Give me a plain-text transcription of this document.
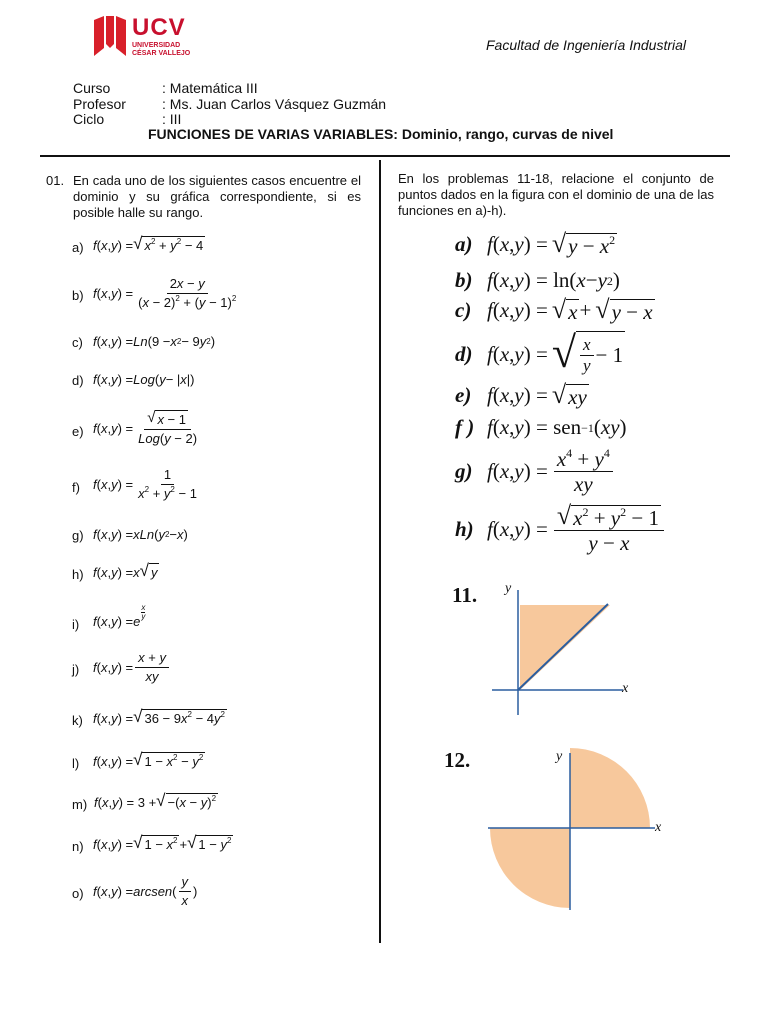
UCV
UNIVERSIDAD
CÉSAR VALLEJO
Facultad de Ingeniería Industrial
Curso	: Matemática III
Profesor	: Ms. Juan Carlos Vásquez Guzmán
Ciclo	: III
FUNCIONES DE VARIAS VARIABLES: Dominio, rango, curvas de nivel
01. En cada uno de los siguientes casos encuentre el dominio y su gráfica correspondiente, si es posible halle su rango.
a) f ( x , y ) = √ $x^2 + y^2 - 4$
b) f ( x , y ) = $\frac{2x - y}{(x - 2)^2 + (y - 1)^2}$
c) f ( x , y ) = Ln (9 − x 2 − 9 y 2 )
d) f ( x , y ) = Log ( y − | x |)
e) f ( x , y ) = $\frac{√ x - 1}{\text{Log(y − 2)}}$
f) f ( x , y ) = $\frac{1}{x^2 + y^2 - 1}$
g) f ( x , y ) = xLn ( y 2 − x )
h) f ( x , y ) = x √ y
i) f ( x , y ) = e
x
y
j) f ( x , y ) = $\frac{x + y}{xy}$
k) f ( x , y ) = √ $36 - 9x^2 - 4y^2$
l) f ( x , y ) = √ $1 - x^2 - y^2$
m) f ( x , y ) = 3 + √ $-(x - y)^2$
n) f ( x , y ) = √ $1 - x^2$ + √ $1 - y^2$
o) f ( x , y ) = arcsen ( $\frac{y}{x}$ )
En los problemas 11-18, relacione el conjunto de puntos dados en la figura con el dominio de una de las funciones en a)-h).
a) f ( x , y ) = √ $y - x^2$
b) f ( x , y ) = ln( x − y 2 )
c) f ( x , y ) = √ x + √ y − x
d) f ( x , y ) = √ $\frac{x}{y} - 1$
e) f ( x , y ) = √ xy
f ) f ( x , y ) = sen −1 ( xy )
g) f ( x , y ) = $\frac{x^4 + y^4}{xy}$
h) f ( x , y ) = $\frac{√ x^2 + y^2 - 1}{y - x}$
11. y
x
12.	y
x
